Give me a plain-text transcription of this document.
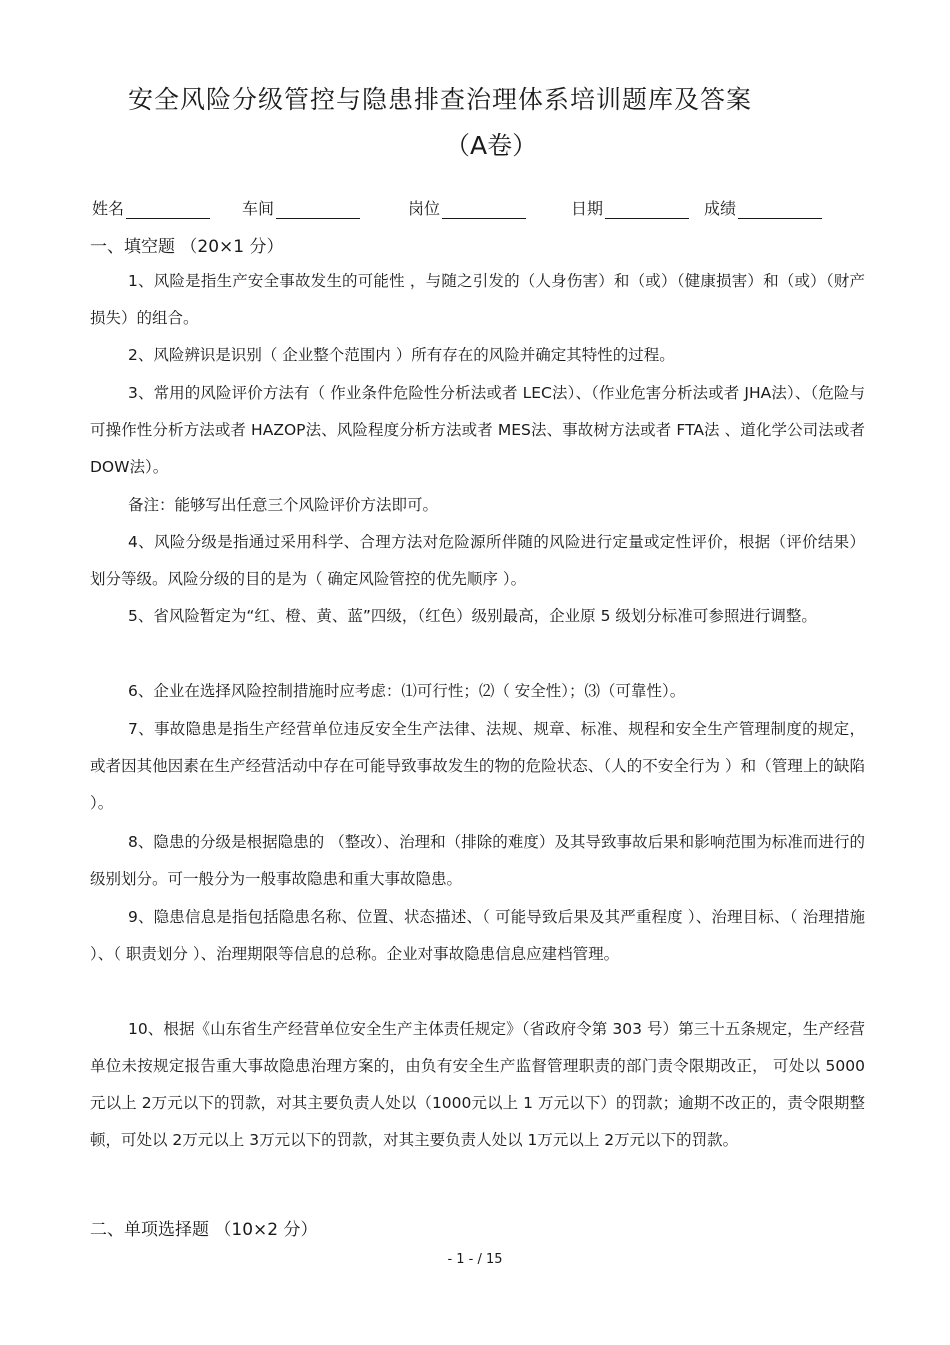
安全风险分级管控与隐患排查治理体系培训题库及答案
（A卷）
姓名	车间	岗位	日期	成绩
一、填空题 （20×1 分）

1、风险是指生产安全事故发生的可能性 ，与随之引发的（人身伤害）和（或）（健康损害）和（或）（财产损失）的组合。

2、风险辨识是识别（ 企业整个范围内 ）所有存在的风险并确定其特性的过程。

3、常用的风险评价方法有（ 作业条件危险性分析法或者 LEC法）、（作业危害分析法或者 JHA法）、（危险与可操作性分析方法或者 HAZOP法、风险程度分析方法或者 MES法、事故树方法或者 FTA法 、道化学公司法或者 DOW法）。

备注：能够写出任意三个风险评价方法即可。

4、风险分级是指通过采用科学、合理方法对危险源所伴随的风险进行定量或定性评价，根据（评价结果）划分等级。风险分级的目的是为（ 确定风险管控的优先顺序 ）。

5、省风险暂定为“红、橙、黄、蓝”四级，（红色）级别最高，企业原 5 级划分标准可参照进行调整。

6、企业在选择风险控制措施时应考虑：⑴可行性；⑵（ 安全性）；⑶（可靠性）。

7、事故隐患是指生产经营单位违反安全生产法律、法规、规章、标准、规程和安全生产管理制度的规定，或者因其他因素在生产经营活动中存在可能导致事故发生的物的危险状态、（人的不安全行为 ）和（管理上的缺陷 ）。

8、隐患的分级是根据隐患的 （整改）、治理和（排除的难度）及其导致事故后果和影响范围为标准而进行的级别划分。可一般分为一般事故隐患和重大事故隐患。

9、隐患信息是指包括隐患名称、位置、状态描述、（ 可能导致后果及其严重程度 ）、治理目标、（ 治理措施 ）、（ 职责划分 ）、治理期限等信息的总称。企业对事故隐患信息应建档管理。

10、根据《山东省生产经营单位安全生产主体责任规定》（省政府令第 303 号）第三十五条规定，生产经营单位未按规定报告重大事故隐患治理方案的，由负有安全生产监督管理职责的部门责令限期改正， 可处以 5000元以上 2万元以下的罚款，对其主要负责人处以（1000元以上 1 万元以下）的罚款；逾期不改正的，责令限期整顿，可处以 2万元以上 3万元以下的罚款，对其主要负责人处以 1万元以上 2万元以下的罚款。

二、单项选择题 （10×2 分）
- 1 - / 15
